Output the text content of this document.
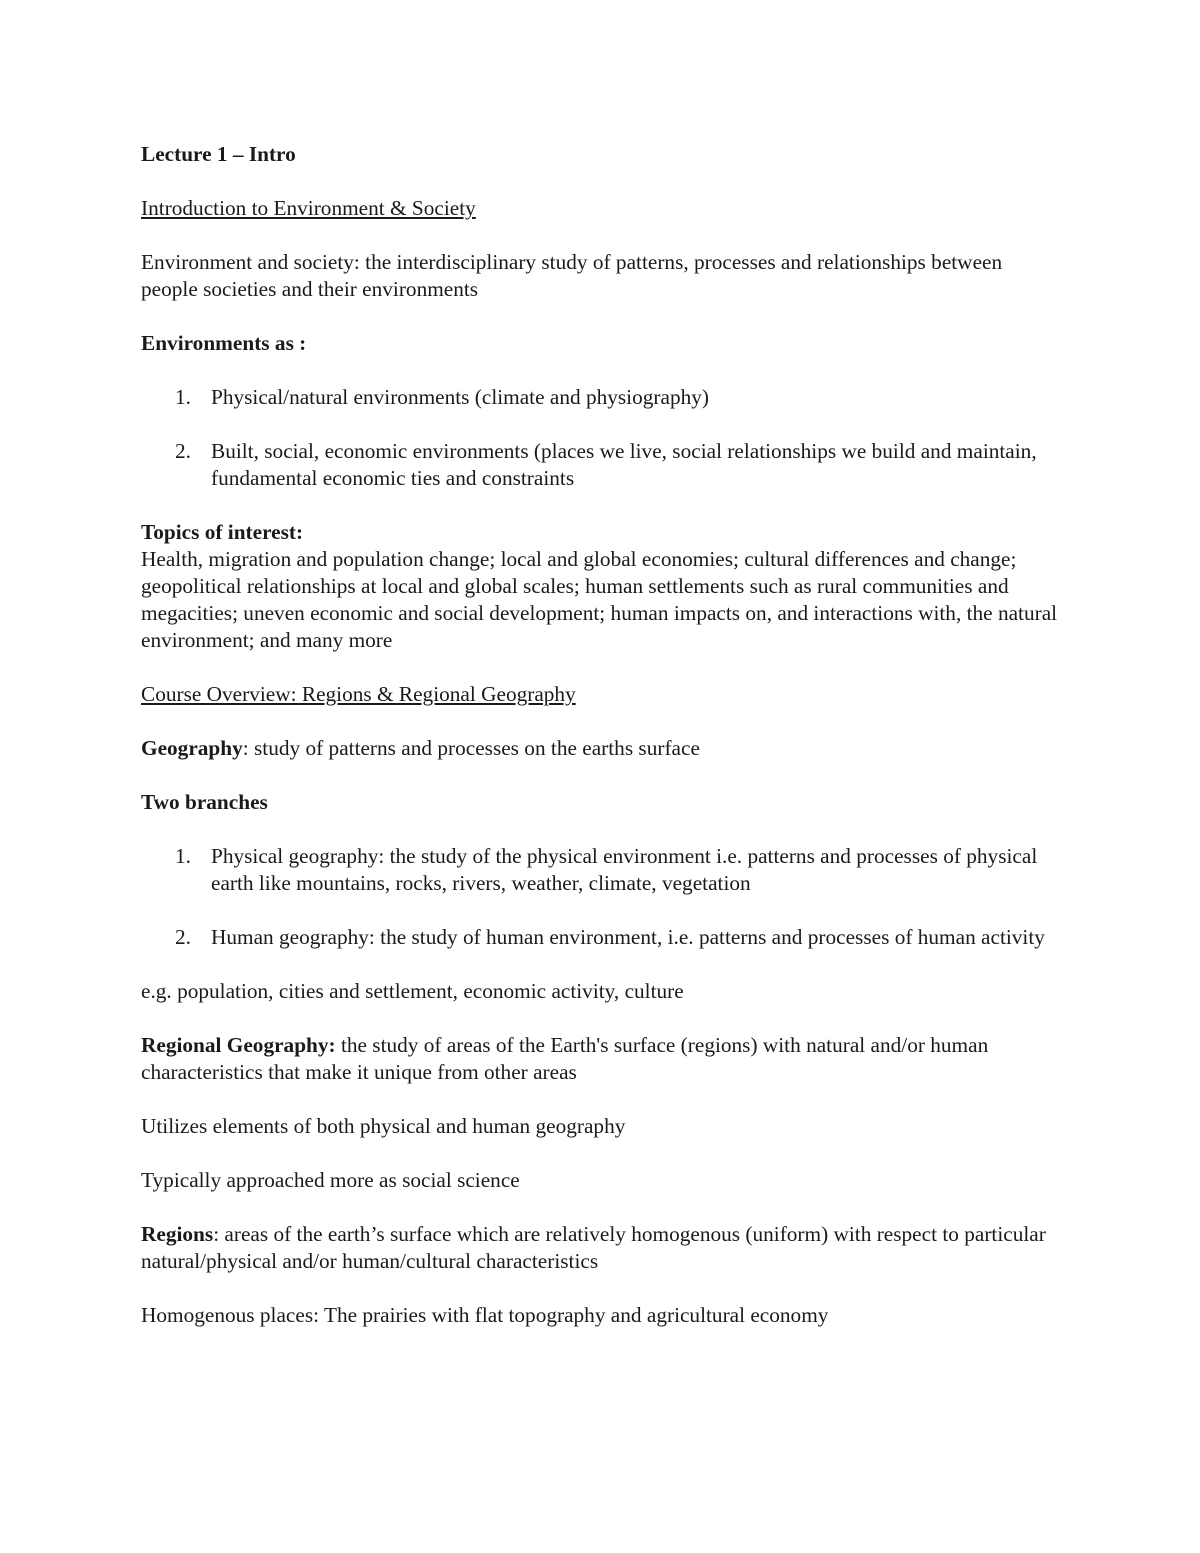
Lecture 1 – Intro

Introduction to Environment & Society

Environment and society: the interdisciplinary study of patterns, processes and relationships between people societies and their environments

Environments as :

1. Physical/natural environments (climate and physiography)
2. Built, social, economic environments (places we live, social relationships we build and maintain, fundamental economic ties and constraints

Topics of interest:

Health, migration and population change; local and global economies; cultural differences and change; geopolitical relationships at local and global scales; human settlements such as rural communities and megacities; uneven economic and social development; human impacts on, and interactions with, the natural environment; and many more

Course Overview: Regions & Regional Geography

Geography: study of patterns and processes on the earths surface

Two branches

1. Physical geography: the study of the physical environment i.e. patterns and processes of physical earth like mountains, rocks, rivers, weather, climate, vegetation
2. Human geography: the study of human environment, i.e. patterns and processes of human activity

e.g. population, cities and settlement, economic activity, culture

Regional Geography: the study of areas of the Earth's surface (regions) with natural and/or human characteristics that make it unique from other areas

Utilizes elements of both physical and human geography

Typically approached more as social science

Regions: areas of the earth’s surface which are relatively homogenous (uniform) with respect to particular natural/physical and/or human/cultural characteristics

Homogenous places: The prairies with flat topography and agricultural economy
